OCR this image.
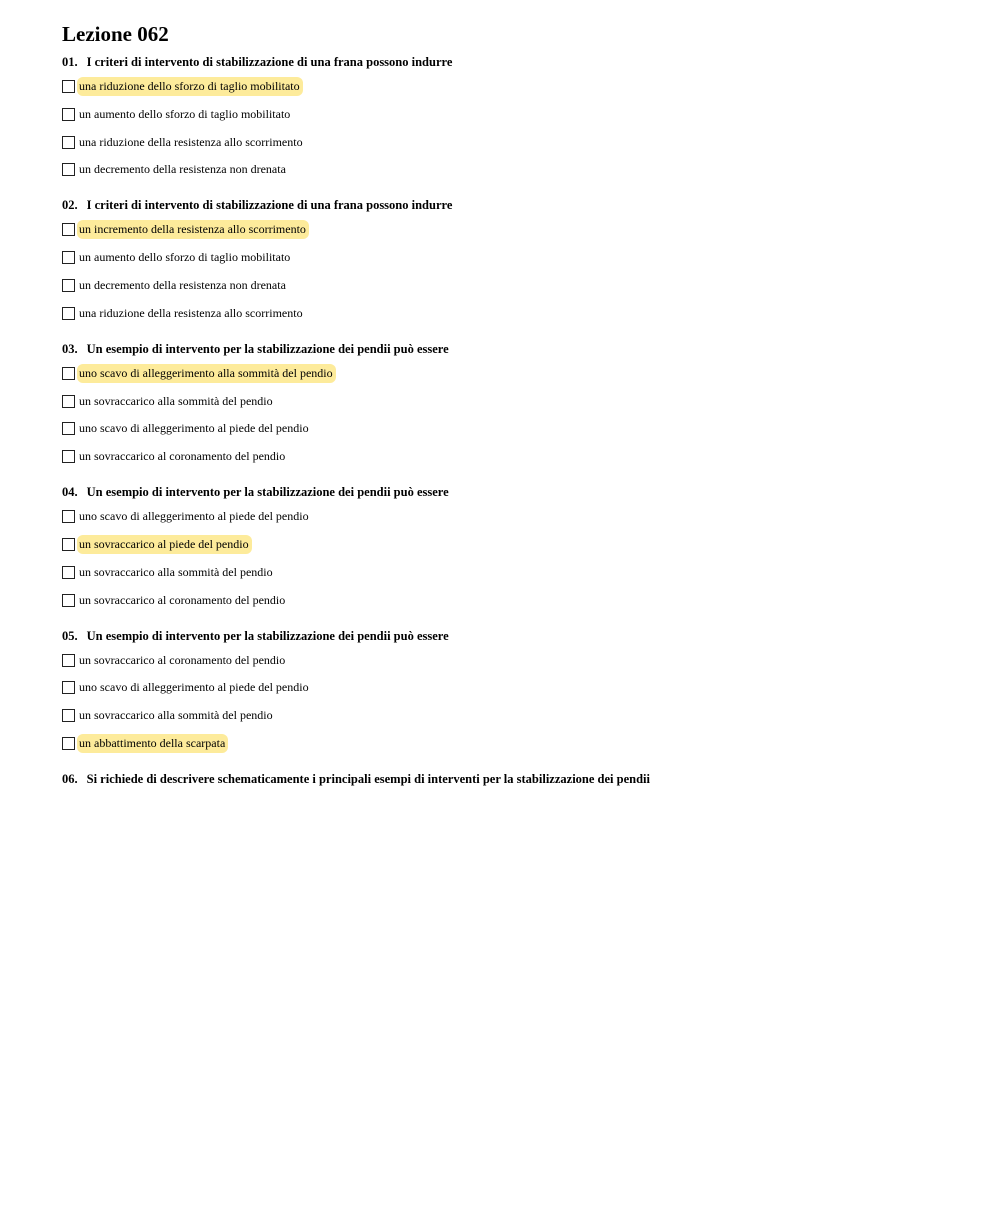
Lezione 062
01. I criteri di intervento di stabilizzazione di una frana possono indurre
una riduzione dello sforzo di taglio mobilitato
un aumento dello sforzo di taglio mobilitato
una riduzione della resistenza allo scorrimento
un decremento della resistenza non drenata
02. I criteri di intervento di stabilizzazione di una frana possono indurre
un incremento della resistenza allo scorrimento
un aumento dello sforzo di taglio mobilitato
un decremento della resistenza non drenata
una riduzione della resistenza allo scorrimento
03. Un esempio di intervento per la stabilizzazione dei pendii può essere
uno scavo di alleggerimento alla sommità del pendio
un sovraccarico alla sommità del pendio
uno scavo di alleggerimento al piede del pendio
un sovraccarico al coronamento del pendio
04. Un esempio di intervento per la stabilizzazione dei pendii può essere
uno scavo di alleggerimento al piede del pendio
un sovraccarico al piede del pendio
un sovraccarico alla sommità del pendio
un sovraccarico al coronamento del pendio
05. Un esempio di intervento per la stabilizzazione dei pendii può essere
un sovraccarico al coronamento del pendio
uno scavo di alleggerimento al piede del pendio
un sovraccarico alla sommità del pendio
un abbattimento della scarpata
06. Si richiede di descrivere schematicamente i principali esempi di interventi per la stabilizzazione dei pendii
